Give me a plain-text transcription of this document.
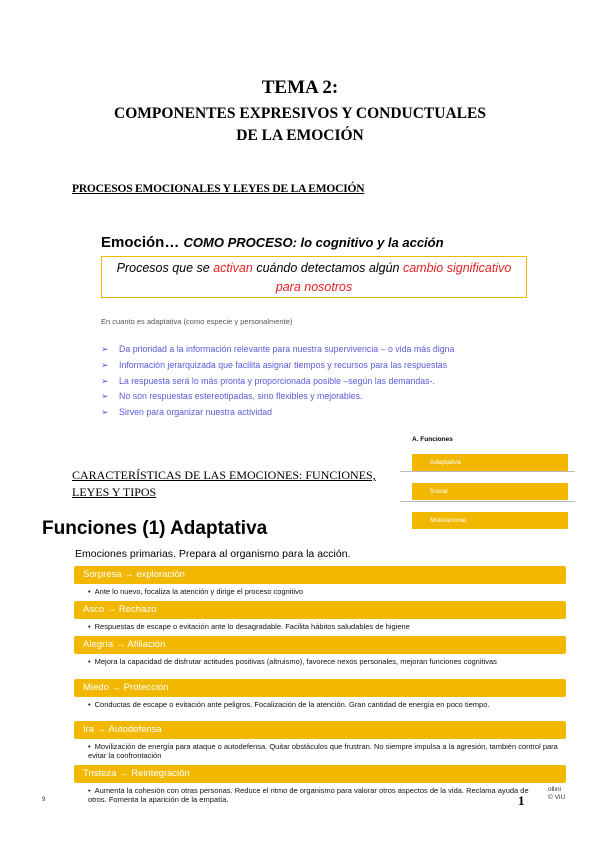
TEMA 2:
COMPONENTES EXPRESIVOS Y CONDUCTUALES
DE LA EMOCIÓN
PROCESOS EMOCIONALES Y LEYES DE LA EMOCIÓN
Emoción… COMO PROCESO: lo cognitivo y la acción
Procesos que se activan cuándo detectamos algún cambio significativo
para nosotros
En cuanto es adaptativa (como especie y personalmente)
➢ Da prioridad a la información relevante para nuestra supervivencia – o vida más digna
➢ Información jerarquizada que facilita asignar tiempos y recursos para las respuestas
➢ La respuesta será lo más pronta y proporcionada posible –según las demandas-.
➢ No son respuestas estereotipadas, sino flexibles y mejorables.
➢ Sirven para organizar nuestra actividad
A. Funciones
Adaptativa
Social
Motivacional
CARACTERÍSTICAS DE LAS EMOCIONES: FUNCIONES,
LEYES Y TIPOS
Funciones (1) Adaptativa
Emociones primarias. Prepara al organismo para la acción.
Sorpresa → exploración
• Ante lo nuevo, focaliza la atención y dirige el proceso cognitivo
Asco → Rechazo
• Respuestas de escape o evitación ante lo desagradable. Facilita hábitos saludables de higiene
Alegría → Afiliación
• Mejora la capacidad de disfrutar actitudes positivas (altruismo), favorece nexos personales, mejoran funciones cognitivas
Miedo → Protección
• Conductas de escape o evitación ante peligros. Focalización de la atención. Gran cantidad de energía en poco tiempo.
Ira → Autodefensa
• Movilización de energía para ataque o autodefensa. Quitar obstáculos que frustran. No siempre impulsa a la agresión, también control para evitar la confrontación
Tristeza → Reintegración
• Aumenta la cohesión con otras personas. Reduce el ritmo de organismo para valorar otros aspectos de la vida. Reclama ayuda de otros. Fomenta la aparición de la empatía.
9	1
ollini
© VIU
